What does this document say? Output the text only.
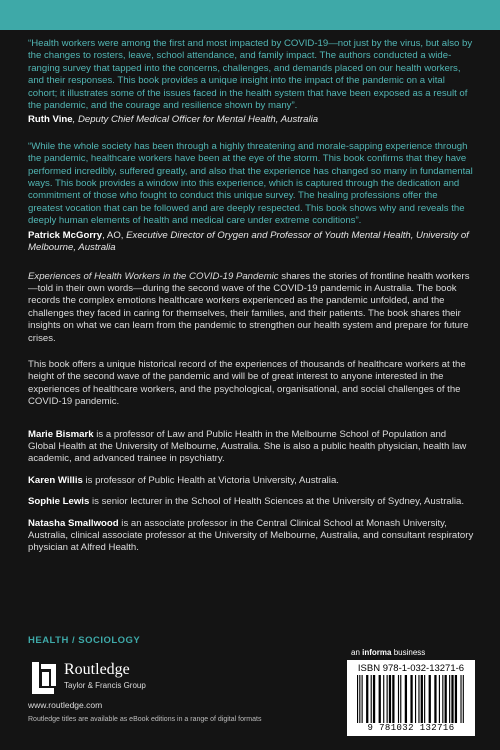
“Health workers were among the first and most impacted by COVID-19—not just by the virus, but also by the changes to rosters, leave, school attendance, and family impact. The authors conducted a wide-ranging survey that tapped into the concerns, challenges, and demands placed on our health workers, and their responses. This book provides a unique insight into the impact of the pandemic on a vital cohort; it illustrates some of the issues faced in the health system that have been exposed as a result of the pandemic, and the courage and resilience shown by many”.

Ruth Vine, Deputy Chief Medical Officer for Mental Health, Australia

“While the whole society has been through a highly threatening and morale-sapping experience through the pandemic, healthcare workers have been at the eye of the storm. This book confirms that they have performed incredibly, suffered greatly, and also that the experience has changed so many in fundamental ways. This book provides a window into this experience, which is captured through the dedication and commitment of those who fought to conduct this unique survey. The healing professions offer the greatest vocation that can be followed and are deeply respected. This book shows why and reveals the deeply human elements of health and medical care under extreme conditions”.

Patrick McGorry, AO, Executive Director of Orygen and Professor of Youth Mental Health, University of Melbourne, Australia

Experiences of Health Workers in the COVID-19 Pandemic shares the stories of frontline health workers—told in their own words—during the second wave of the COVID-19 pandemic in Australia. The book records the complex emotions healthcare workers experienced as the pandemic unfolded, and the challenges they faced in caring for themselves, their families, and their patients. The book shares their insights on what we can learn from the pandemic to strengthen our health system and prepare for future crises.

This book offers a unique historical record of the experiences of thousands of healthcare workers at the height of the second wave of the pandemic and will be of great interest to anyone interested in the experiences of healthcare workers, and the psychological, organisational, and social challenges of the COVID-19 pandemic.

Marie Bismark is a professor of Law and Public Health in the Melbourne School of Population and Global Health at the University of Melbourne, Australia. She is also a public health physician, health law academic, and advanced trainee in psychiatry.

Karen Willis is professor of Public Health at Victoria University, Australia.

Sophie Lewis is senior lecturer in the School of Health Sciences at the University of Sydney, Australia.

Natasha Smallwood is an associate professor in the Central Clinical School at Monash University, Australia, clinical associate professor at the University of Melbourne, Australia, and consultant respiratory physician at Alfred Health.

HEALTH / SOCIOLOGY
Routledge
Taylor & Francis Group
www.routledge.com
Routledge titles are available as eBook editions in a range of digital formats
an informa business
ISBN 978-1-032-13271-6
9 781032 132716
